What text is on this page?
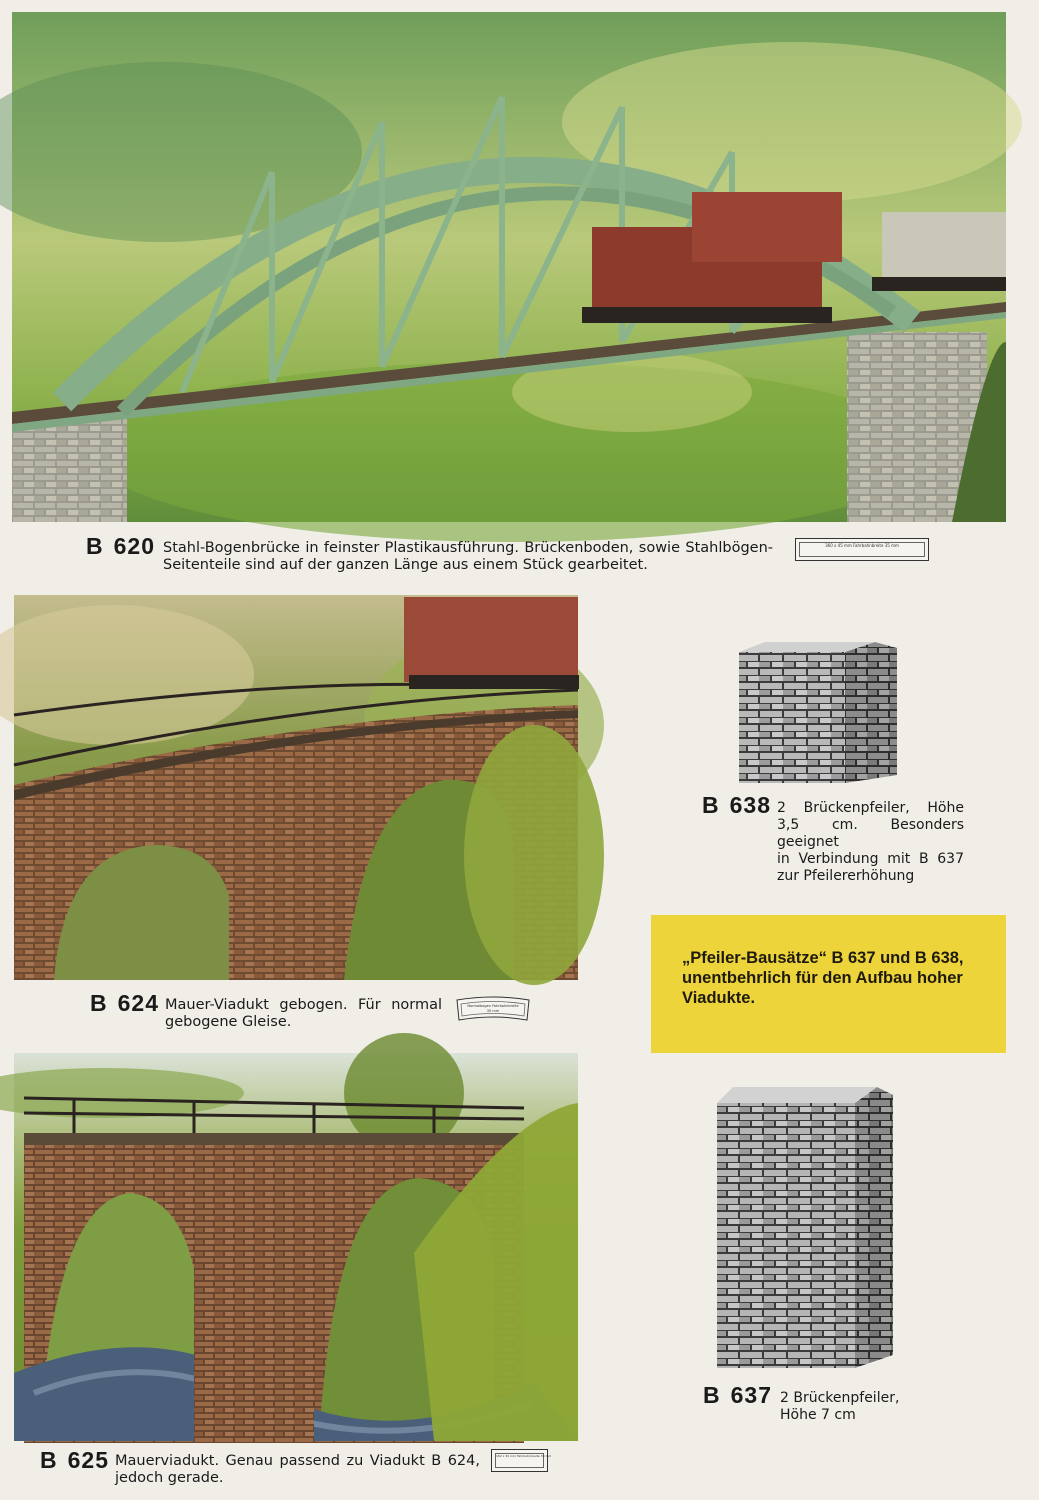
B 620 Stahl-Bogenbrücke in feinster Plastikausführung. Brückenboden, sowie Stahlbögen-
Seitenteile sind auf der ganzen Länge aus einem Stück gearbeitet.
360 x 45 mm Fahrbahnbreite 35 mm
B 624 Mauer-Viadukt gebogen. Für normal
gebogene Gleise.
Normalbogen Fahrbahnbreite 30 mm
B 625 Mauerviadukt. Genau passend zu Viadukt B 624,
jedoch gerade.
162 x 30 mm Fahrbahnbreite 30 mm
B 638 2 Brückenpfeiler, Höhe
3,5 cm. Besonders geeignet
in Verbindung mit B 637
zur Pfeilererhöhung

„Pfeiler-Bausätze“ B 637 und B 638, unentbehrlich für den Aufbau hoher Viadukte.

B 637 2 Brückenpfeiler,
Höhe 7 cm
